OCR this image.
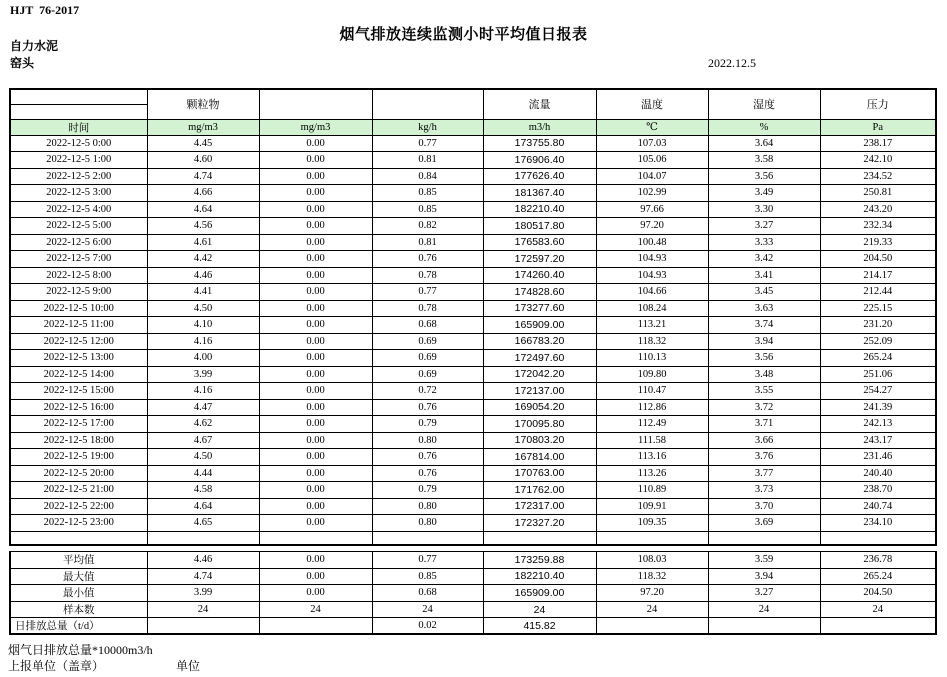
HJT  76-2017
烟气排放连续监测小时平均值日报表
自力水泥
窑头	2022.12.5
	颗粒物			流量	温度	湿度	压力

时间	mg/m3	mg/m3	kg/h	m3/h	℃	%	Pa
2022-12-5 0:00	4.45	0.00	0.77	173755.80	107.03	3.64	238.17
2022-12-5 1:00	4.60	0.00	0.81	176906.40	105.06	3.58	242.10
2022-12-5 2:00	4.74	0.00	0.84	177626.40	104.07	3.56	234.52
2022-12-5 3:00	4.66	0.00	0.85	181367.40	102.99	3.49	250.81
2022-12-5 4:00	4.64	0.00	0.85	182210.40	97.66	3.30	243.20
2022-12-5 5:00	4.56	0.00	0.82	180517.80	97.20	3.27	232.34
2022-12-5 6:00	4.61	0.00	0.81	176583.60	100.48	3.33	219.33
2022-12-5 7:00	4.42	0.00	0.76	172597.20	104.93	3.42	204.50
2022-12-5 8:00	4.46	0.00	0.78	174260.40	104.93	3.41	214.17
2022-12-5 9:00	4.41	0.00	0.77	174828.60	104.66	3.45	212.44
2022-12-5 10:00	4.50	0.00	0.78	173277.60	108.24	3.63	225.15
2022-12-5 11:00	4.10	0.00	0.68	165909.00	113.21	3.74	231.20
2022-12-5 12:00	4.16	0.00	0.69	166783.20	118.32	3.94	252.09
2022-12-5 13:00	4.00	0.00	0.69	172497.60	110.13	3.56	265.24
2022-12-5 14:00	3.99	0.00	0.69	172042.20	109.80	3.48	251.06
2022-12-5 15:00	4.16	0.00	0.72	172137.00	110.47	3.55	254.27
2022-12-5 16:00	4.47	0.00	0.76	169054.20	112.86	3.72	241.39
2022-12-5 17:00	4.62	0.00	0.79	170095.80	112.49	3.71	242.13
2022-12-5 18:00	4.67	0.00	0.80	170803.20	111.58	3.66	243.17
2022-12-5 19:00	4.50	0.00	0.76	167814.00	113.16	3.76	231.46
2022-12-5 20:00	4.44	0.00	0.76	170763.00	113.26	3.77	240.40
2022-12-5 21:00	4.58	0.00	0.79	171762.00	110.89	3.73	238.70
2022-12-5 22:00	4.64	0.00	0.80	172317.00	109.91	3.70	240.74
2022-12-5 23:00	4.65	0.00	0.80	172327.20	109.35	3.69	234.10

平均值	4.46	0.00	0.77	173259.88	108.03	3.59	236.78
最大值	4.74	0.00	0.85	182210.40	118.32	3.94	265.24
最小值	3.99	0.00	0.68	165909.00	97.20	3.27	204.50
样本数	24	24	24	24	24	24	24
日排放总量（t/d）			0.02	415.82			
烟气日排放总量*10000m3/h
上报单位（盖章）	单位
